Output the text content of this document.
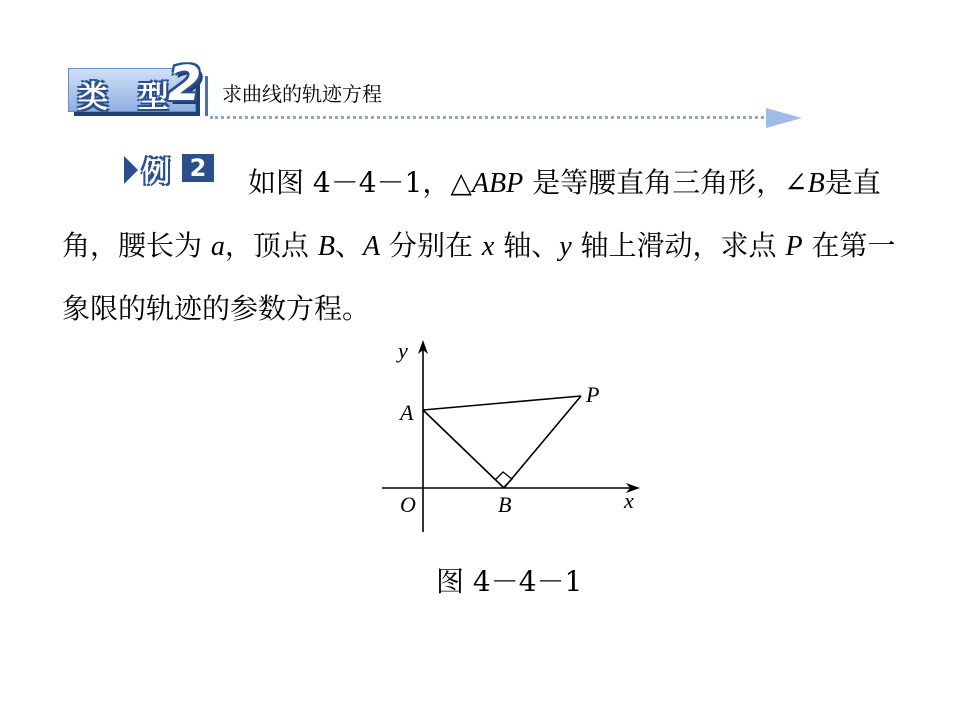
类 型
2 求曲线的轨迹方程
例 2	如图 4－4－1，△ABP 是等腰直角三角形，∠B是直角，腰长为 a，顶点 B、A 分别在 x 轴、y 轴上滑动，求点 P 在第一象限的轨迹的参数方程。
y
x
O
A
B
P
图 4－4－1
